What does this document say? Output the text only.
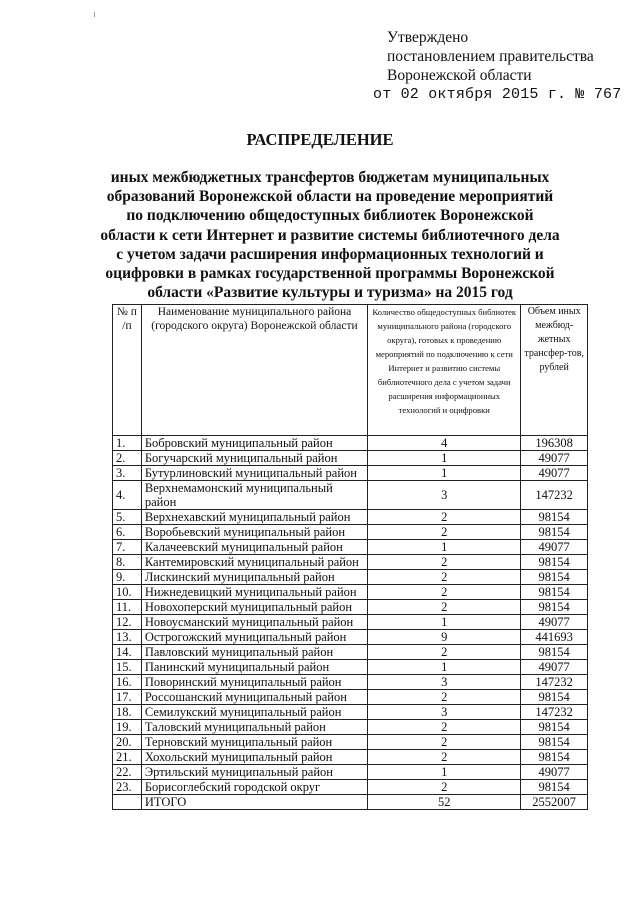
Утверждено
постановлением правительства
Воронежской области
от 02 октября 2015 г. № 767
РАСПРЕДЕЛЕНИЕ
иных межбюджетных трансфертов бюджетам муниципальных образований Воронежской области на проведение мероприятий по подключению общедоступных библиотек Воронежской области к сети Интернет и развитие системы библиотечного дела с учетом задачи расширения информационных технологий и оцифровки в рамках государственной программы Воронежской области «Развитие культуры и туризма» на 2015 год
№ п /п	Наименование муниципального района (городского округа) Воронежской области	Количество общедоступных библиотек муниципального района (городского округа), готовых к проведению мероприятий по подключению к сети Интернет и развитию системы библиотечного дела с учетом задачи расширения информационных технологий и оцифровки	Объем иных межбюд-жетных трансфер-тов, рублей
1.	Бобровский муниципальный район	4	196308
2.	Богучарский муниципальный район	1	49077
3.	Бутурлиновский муниципальный район	1	49077
4.	Верхнемамонский муниципальный район	3	147232
5.	Верхнехавский муниципальный район	2	98154
6.	Воробьевский муниципальный район	2	98154
7.	Калачеевский муниципальный район	1	49077
8.	Кантемировский муниципальный район	2	98154
9.	Лискинский муниципальный район	2	98154
10.	Нижнедевицкий муниципальный район	2	98154
11.	Новохоперский муниципальный район	2	98154
12.	Новоусманский муниципальный район	1	49077
13.	Острогожский муниципальный район	9	441693
14.	Павловский муниципальный район	2	98154
15.	Панинский муниципальный район	1	49077
16.	Поворинский муниципальный район	3	147232
17.	Россошанский муниципальный район	2	98154
18.	Семилукский муниципальный район	3	147232
19.	Таловский муниципальный район	2	98154
20.	Терновский муниципальный район	2	98154
21.	Хохольский муниципальный район	2	98154
22.	Эртильский муниципальный район	1	49077
23.	Борисоглебский городской округ	2	98154
	ИТОГО	52	2552007
